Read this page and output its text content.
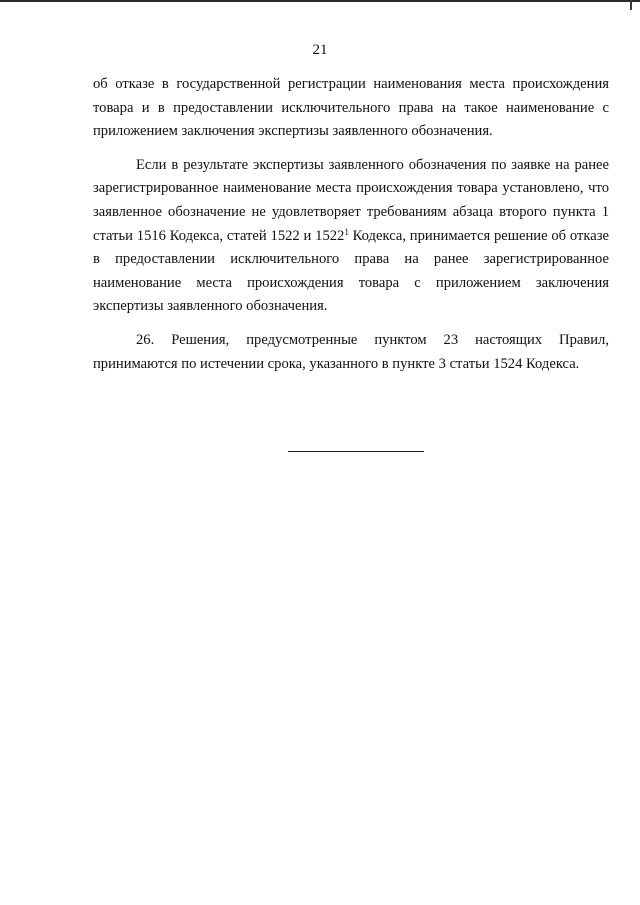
21

об отказе в государственной регистрации наименования места происхождения товара и в предоставлении исключительного права на такое наименование с приложением заключения экспертизы заявленного обозначения.

Если в результате экспертизы заявленного обозначения по заявке на ранее зарегистрированное наименование места происхождения товара установлено, что заявленное обозначение не удовлетворяет требованиям абзаца второго пункта 1 статьи 1516 Кодекса, статей 1522 и 1522$^1$ Кодекса, принимается решение об отказе в предоставлении исключительного права на ранее зарегистрированное наименование места происхождения товара с приложением заключения экспертизы заявленного обозначения.

26. Решения, предусмотренные пунктом 23 настоящих Правил, принимаются по истечении срока, указанного в пункте 3 статьи 1524 Кодекса.
